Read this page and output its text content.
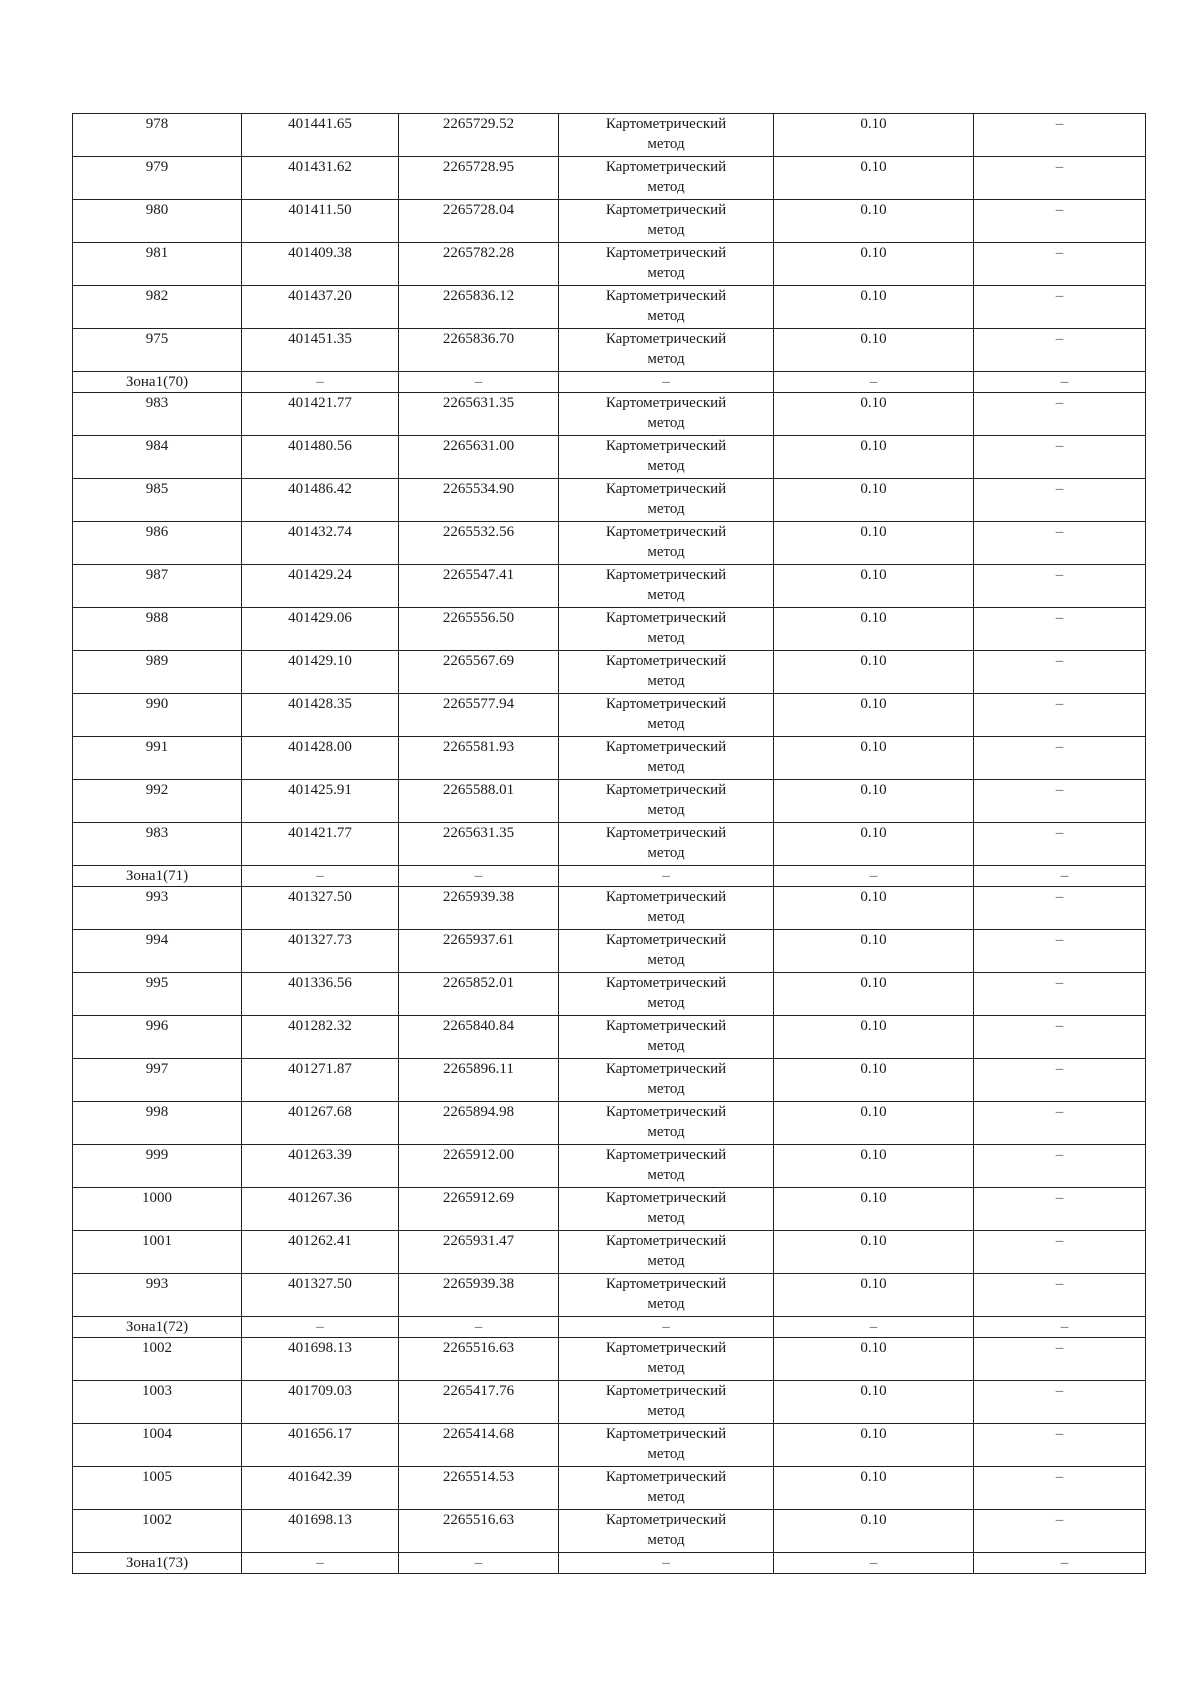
978	401441.65	2265729.52	Картометрический
метод	0.10	–
979	401431.62	2265728.95	Картометрический
метод	0.10	–
980	401411.50	2265728.04	Картометрический
метод	0.10	–
981	401409.38	2265782.28	Картометрический
метод	0.10	–
982	401437.20	2265836.12	Картометрический
метод	0.10	–
975	401451.35	2265836.70	Картометрический
метод	0.10	–
Зона1(70)	–	–	–	–	–
983	401421.77	2265631.35	Картометрический
метод	0.10	–
984	401480.56	2265631.00	Картометрический
метод	0.10	–
985	401486.42	2265534.90	Картометрический
метод	0.10	–
986	401432.74	2265532.56	Картометрический
метод	0.10	–
987	401429.24	2265547.41	Картометрический
метод	0.10	–
988	401429.06	2265556.50	Картометрический
метод	0.10	–
989	401429.10	2265567.69	Картометрический
метод	0.10	–
990	401428.35	2265577.94	Картометрический
метод	0.10	–
991	401428.00	2265581.93	Картометрический
метод	0.10	–
992	401425.91	2265588.01	Картометрический
метод	0.10	–
983	401421.77	2265631.35	Картометрический
метод	0.10	–
Зона1(71)	–	–	–	–	–
993	401327.50	2265939.38	Картометрический
метод	0.10	–
994	401327.73	2265937.61	Картометрический
метод	0.10	–
995	401336.56	2265852.01	Картометрический
метод	0.10	–
996	401282.32	2265840.84	Картометрический
метод	0.10	–
997	401271.87	2265896.11	Картометрический
метод	0.10	–
998	401267.68	2265894.98	Картометрический
метод	0.10	–
999	401263.39	2265912.00	Картометрический
метод	0.10	–
1000	401267.36	2265912.69	Картометрический
метод	0.10	–
1001	401262.41	2265931.47	Картометрический
метод	0.10	–
993	401327.50	2265939.38	Картометрический
метод	0.10	–
Зона1(72)	–	–	–	–	–
1002	401698.13	2265516.63	Картометрический
метод	0.10	–
1003	401709.03	2265417.76	Картометрический
метод	0.10	–
1004	401656.17	2265414.68	Картометрический
метод	0.10	–
1005	401642.39	2265514.53	Картометрический
метод	0.10	–
1002	401698.13	2265516.63	Картометрический
метод	0.10	–
Зона1(73)	–	–	–	–	–
